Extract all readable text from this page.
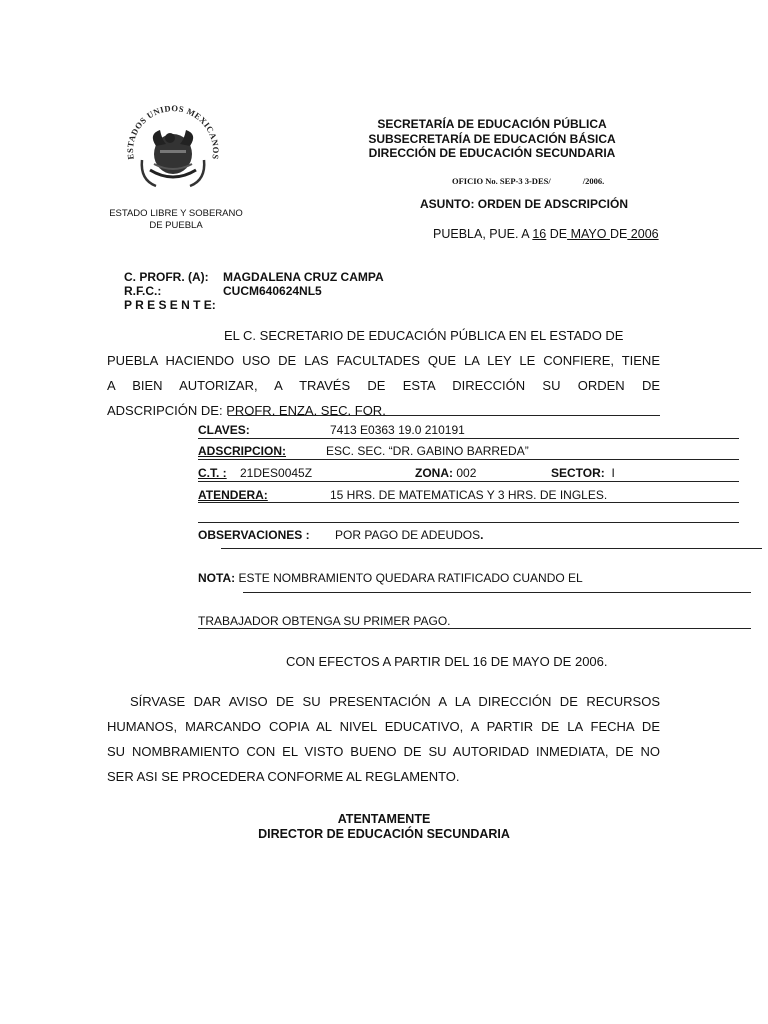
ESTADOS UNIDOS MEXICANOS
ESTADO LIBRE Y SOBERANO
DE PUEBLA
SECRETARÍA DE EDUCACIÓN PÚBLICA
SUBSECRETARÍA DE EDUCACIÓN BÁSICA
DIRECCIÓN DE EDUCACIÓN SECUNDARIA
OFICIO No. SEP-3 3-DES/	/2006.
ASUNTO: ORDEN DE ADSCRIPCIÓN
PUEBLA, PUE. A 16 DE MAYO DE 2006
C. PROFR. (A): MAGDALENA CRUZ CAMPA
R.F.C.:	CUCM640624NL5
P R E S E N T E:
EL C. SECRETARIO DE EDUCACIÓN PÚBLICA EN EL ESTADO DE
PUEBLA HACIENDO USO DE LAS FACULTADES QUE LA LEY LE CONFIERE, TIENE
A BIEN AUTORIZAR, A TRAVÉS DE ESTA DIRECCIÓN SU ORDEN DE
ADSCRIPCIÓN DE: PROFR. ENZA. SEC. FOR.
CLAVES:	7413 E0363 19.0 210191
ADSCRIPCION:	ESC. SEC. “DR. GABINO BARREDA”
C.T. : 21DES0045Z	ZONA: 002	SECTOR: I
ATENDERA:	15 HRS. DE MATEMATICAS Y 3 HRS. DE INGLES.
OBSERVACIONES : POR PAGO DE ADEUDOS.
NOTA: ESTE NOMBRAMIENTO QUEDARA RATIFICADO CUANDO EL
TRABAJADOR OBTENGA SU PRIMER PAGO.
CON EFECTOS A PARTIR DEL 16 DE MAYO DE 2006.
SÍRVASE DAR AVISO DE SU PRESENTACIÓN A LA DIRECCIÓN DE RECURSOS
HUMANOS, MARCANDO COPIA AL NIVEL EDUCATIVO, A PARTIR DE LA FECHA DE
SU NOMBRAMIENTO CON EL VISTO BUENO DE SU AUTORIDAD INMEDIATA, DE NO
SER ASI SE PROCEDERA CONFORME AL REGLAMENTO.
ATENTAMENTE
DIRECTOR DE EDUCACIÓN SECUNDARIA
